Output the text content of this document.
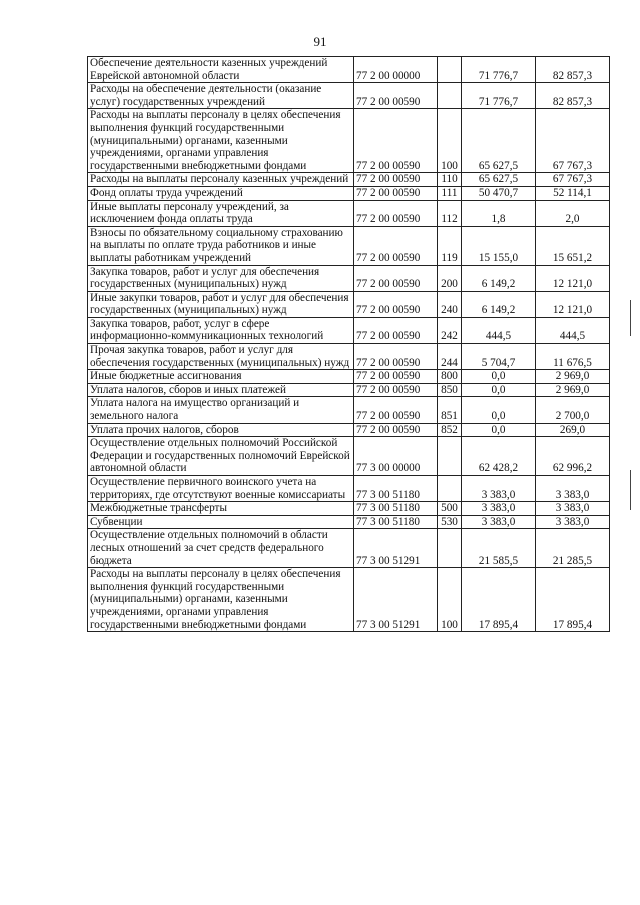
91
Обеспечение деятельности казенных учреждений Еврейской автономной области	77 2 00 00000		71 776,7	82 857,3
Расходы на обеспечение деятельности (оказание услуг) государственных учреждений	77 2 00 00590		71 776,7	82 857,3
Расходы на выплаты персоналу в целях обеспечения выполнения функций государственными (муниципальными) органами, казенными учреждениями, органами управления государственными внебюджетными фондами	77 2 00 00590	100	65 627,5	67 767,3
Расходы на выплаты персоналу казенных учреждений	77 2 00 00590	110	65 627,5	67 767,3
Фонд оплаты труда учреждений	77 2 00 00590	111	50 470,7	52 114,1
Иные выплаты персоналу учреждений, за исключением фонда оплаты труда	77 2 00 00590	112	1,8	2,0
Взносы по обязательному социальному страхованию на выплаты по оплате труда работников и иные выплаты работникам учреждений	77 2 00 00590	119	15 155,0	15 651,2
Закупка товаров, работ и услуг для обеспечения государственных (муниципальных) нужд	77 2 00 00590	200	6 149,2	12 121,0
Иные закупки товаров, работ и услуг для обеспечения государственных (муниципальных) нужд	77 2 00 00590	240	6 149,2	12 121,0
Закупка товаров, работ, услуг в сфере информационно-коммуникационных технологий	77 2 00 00590	242	444,5	444,5
Прочая закупка товаров, работ и услуг для обеспечения государственных (муниципальных) нужд	77 2 00 00590	244	5 704,7	11 676,5
Иные бюджетные ассигнования	77 2 00 00590	800	0,0	2 969,0
Уплата налогов, сборов и иных платежей	77 2 00 00590	850	0,0	2 969,0
Уплата налога на имущество организаций и земельного налога	77 2 00 00590	851	0,0	2 700,0
Уплата прочих налогов, сборов	77 2 00 00590	852	0,0	269,0
Осуществление отдельных полномочий Российской Федерации и государственных полномочий Еврейской автономной области	77 3 00 00000		62 428,2	62 996,2
Осуществление первичного воинского учета на территориях, где отсутствуют военные комиссариаты	77 3 00 51180		3 383,0	3 383,0
Межбюджетные трансферты	77 3 00 51180	500	3 383,0	3 383,0
Субвенции	77 3 00 51180	530	3 383,0	3 383,0
Осуществление отдельных полномочий в области лесных отношений за счет средств федерального бюджета	77 3 00 51291		21 585,5	21 285,5
Расходы на выплаты персоналу в целях обеспечения выполнения функций государственными (муниципальными) органами, казенными учреждениями, органами управления государственными внебюджетными фондами	77 3 00 51291	100	17 895,4	17 895,4
